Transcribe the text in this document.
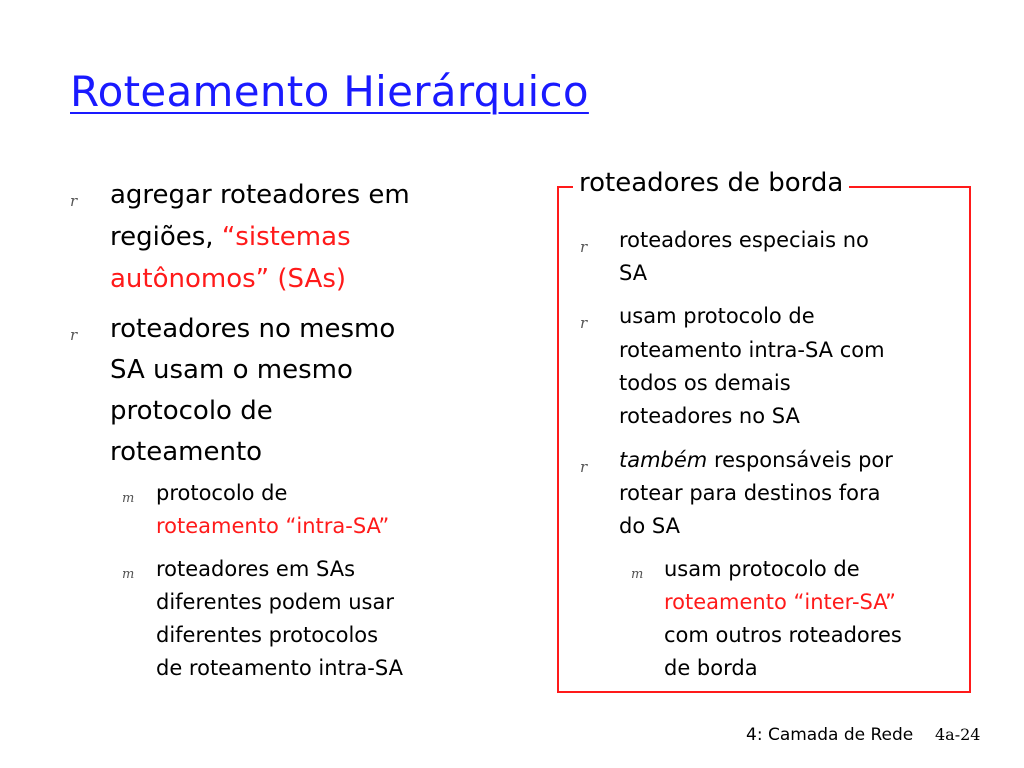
Roteamento Hierárquico
r agregar roteadores em
regiões, “sistemas
autônomos” (SAs)
r roteadores no mesmo
SA usam o mesmo
protocolo de
roteamento
m protocolo de
roteamento “intra-SA”
m roteadores em SAs
diferentes podem usar
diferentes protocolos
de roteamento intra-SA
roteadores de borda
r roteadores especiais no
SA
r usam protocolo de
roteamento intra-SA com
todos os demais
roteadores no SA
r também responsáveis por
rotear para destinos fora
do SA
m usam protocolo de
roteamento “inter-SA”
com outros roteadores
de borda
4: Camada de Rede 4a-24
